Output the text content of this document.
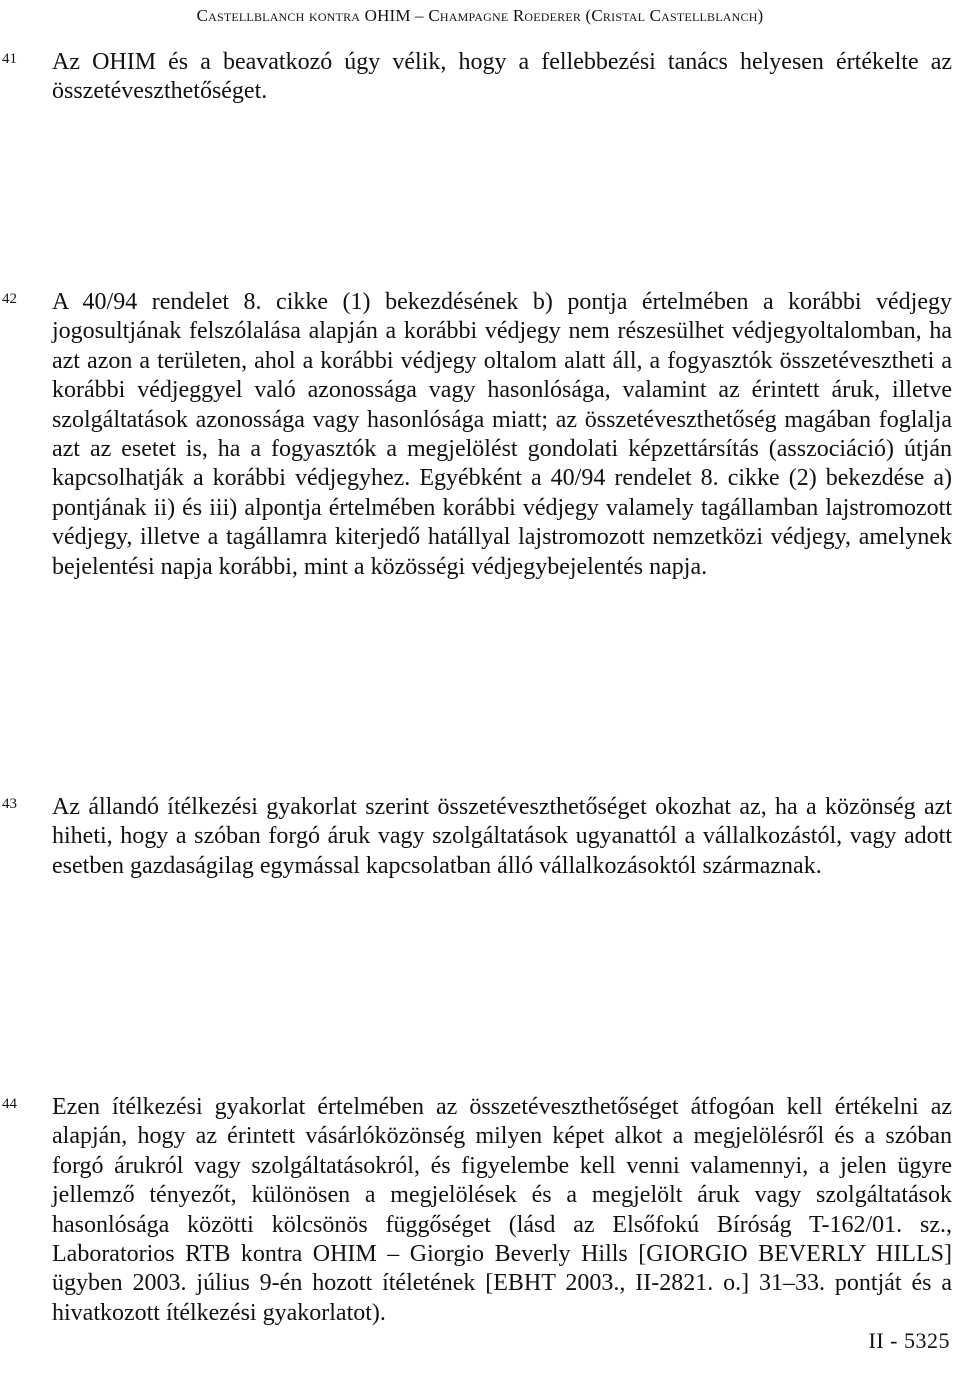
Castellblanch kontra OHIM – Champagne Roederer (Cristal Castellblanch)
41 Az OHIM és a beavatkozó úgy vélik, hogy a fellebbezési tanács helyesen értékelte az összetéveszthetőséget.

42 A 40/94 rendelet 8. cikke (1) bekezdésének b) pontja értelmében a korábbi védjegy jogosultjának felszólalása alapján a korábbi védjegy nem részesülhet védjegyoltalomban, ha azt azon a területen, ahol a korábbi védjegy oltalom alatt áll, a fogyasztók összetévesztheti a korábbi védjeggyel való azonossága vagy hasonlósága, valamint az érintett áruk, illetve szolgáltatások azonossága vagy hasonlósága miatt; az összetéveszthetőség magában foglalja azt az esetet is, ha a fogyasztók a megjelölést gondolati képzettársítás (asszociáció) útján kapcsolhatják a korábbi védjegyhez. Egyébként a 40/94 rendelet 8. cikke (2) bekezdése a) pontjának ii) és iii) alpontja értelmében korábbi védjegy valamely tagállamban lajstromozott védjegy, illetve a tagállamra kiterjedő hatállyal lajstromozott nemzetközi védjegy, amelynek bejelentési napja korábbi, mint a közösségi védjegybejelentés napja.

43 Az állandó ítélkezési gyakorlat szerint összetéveszthetőséget okozhat az, ha a közönség azt hiheti, hogy a szóban forgó áruk vagy szolgáltatások ugyanattól a vállalkozástól, vagy adott esetben gazdaságilag egymással kapcsolatban álló vállalkozásoktól származnak.

44 Ezen ítélkezési gyakorlat értelmében az összetéveszthetőséget átfogóan kell értékelni az alapján, hogy az érintett vásárlóközönség milyen képet alkot a megjelölésről és a szóban forgó árukról vagy szolgáltatásokról, és figyelembe kell venni valamennyi, a jelen ügyre jellemző tényezőt, különösen a megjelölések és a megjelölt áruk vagy szolgáltatások hasonlósága közötti kölcsönös függőséget (lásd az Elsőfokú Bíróság T-162/01. sz., Laboratorios RTB kontra OHIM – Giorgio Beverly Hills [GIORGIO BEVERLY HILLS] ügyben 2003. július 9-én hozott ítéletének [EBHT 2003., II-2821. o.] 31–33. pontját és a hivatkozott ítélkezési gyakorlatot).

II - 5325
